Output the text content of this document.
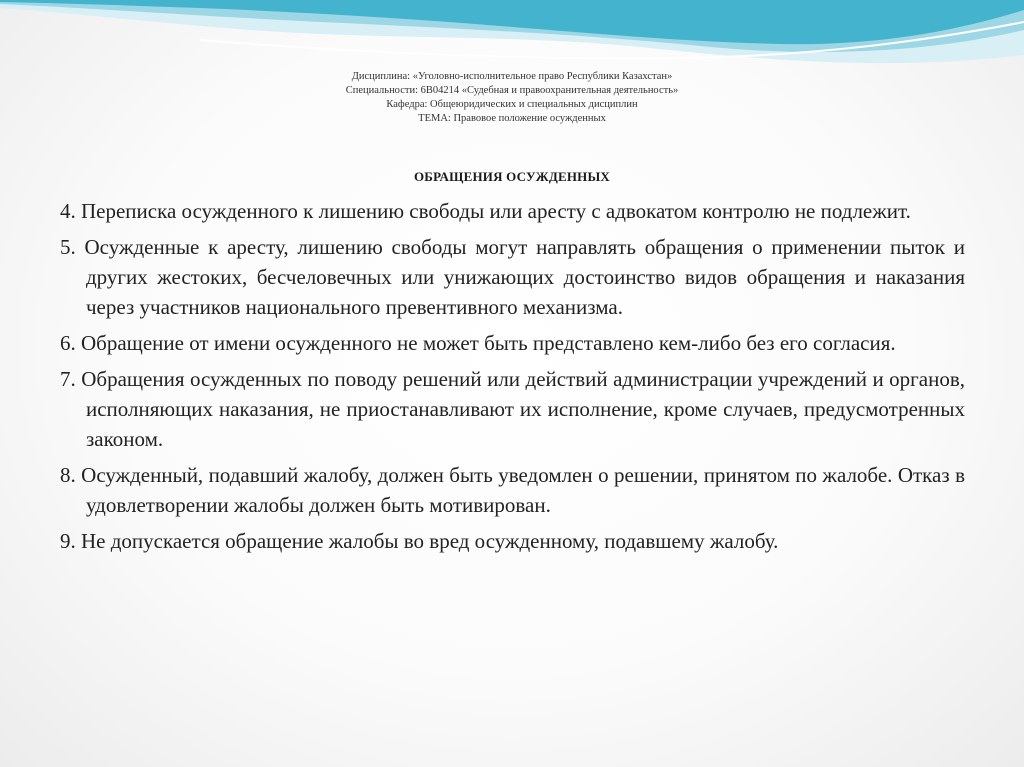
Дисциплина: «Уголовно-исполнительное право Республики Казахстан»
Специальности: 6В04214 «Судебная и правоохранительная деятельность»
Кафедра: Общеюридических и специальных дисциплин
ТЕМА: Правовое положение осужденных
ОБРАЩЕНИЯ ОСУЖДЕННЫХ
4. Переписка осужденного к лишению свободы или аресту с адвокатом контролю не подлежит.
5. Осужденные к аресту, лишению свободы могут направлять обращения о применении пыток и других жестоких, бесчеловечных или унижающих достоинство видов обращения и наказания через участников национального превентивного механизма.
6. Обращение от имени осужденного не может быть представлено кем-либо без его согласия.
7. Обращения осужденных по поводу решений или действий администрации учреждений и органов, исполняющих наказания, не приостанавливают их исполнение, кроме случаев, предусмотренных законом.
8. Осужденный, подавший жалобу, должен быть уведомлен о решении, принятом по жалобе. Отказ в удовлетворении жалобы должен быть мотивирован.
9. Не допускается обращение жалобы во вред осужденному, подавшему жалобу.
